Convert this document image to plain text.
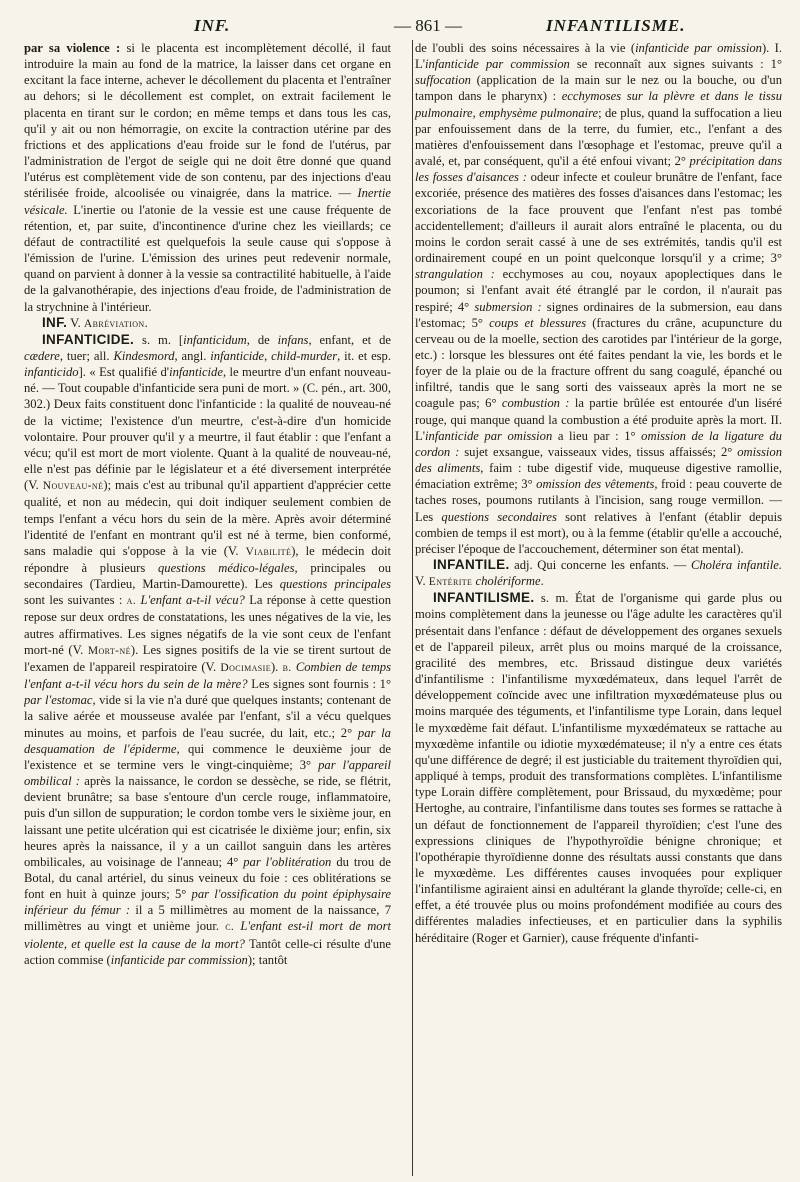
INF.	— 861 —	INFANTILISME.

par sa violence : si le placenta est incomplètement décollé, il faut introduire la main au fond de la matrice, la laisser dans cet organe en excitant la face interne, achever le décollement du placenta et l'entraîner au dehors; si le décollement est complet, on extrait facilement le placenta en tirant sur le cordon; en même temps et dans tous les cas, qu'il y ait ou non hémorragie, on excite la contraction utérine par des frictions et des applications d'eau froide sur le fond de l'utérus, par l'administration de l'ergot de seigle qui ne doit être donné que quand l'utérus est complètement vide de son contenu, par des injections d'eau stérilisée froide, alcoolisée ou vinaigrée, dans la matrice. — Inertie vésicale. L'inertie ou l'atonie de la vessie est une cause fréquente de rétention, et, par suite, d'incontinence d'urine chez les vieillards; ce défaut de contractilité est quelquefois la seule cause qui s'oppose à l'émission de l'urine. L'émission des urines peut redevenir normale, quand on parvient à donner à la vessie sa contractilité habituelle, à l'aide de la galvanothérapie, des injections d'eau froide, de l'administration de la strychnine à l'intérieur.

INF. V. Abréviation.

INFANTICIDE. s. m. [infanticidum, de infans, enfant, et de cædere, tuer; all. Kindesmord, angl. infanticide, child-murder, it. et esp. infanticido]. « Est qualifié d'infanticide, le meurtre d'un enfant nouveau-né. — Tout coupable d'infanticide sera puni de mort. » (C. pén., art. 300, 302.) Deux faits constituent donc l'infanticide : la qualité de nouveau-né de la victime; l'existence d'un meurtre, c'est-à-dire d'un homicide volontaire. Pour prouver qu'il y a meurtre, il faut établir : que l'enfant a vécu; qu'il est mort de mort violente. Quant à la qualité de nouveau-né, elle n'est pas définie par le législateur et a été diversement interprétée (V. Nouveau-né); mais c'est au tribunal qu'il appartient d'apprécier cette qualité, et non au médecin, qui doit indiquer seulement combien de temps l'enfant a vécu hors du sein de la mère. Après avoir déterminé l'identité de l'enfant en montrant qu'il est né à terme, bien conformé, sans maladie qui s'oppose à la vie (V. Viabilité), le médecin doit répondre à plusieurs questions médico-légales, principales ou secondaires (Tardieu, Martin-Damourette). Les questions principales sont les suivantes : a. L'enfant a-t-il vécu? La réponse à cette question repose sur deux ordres de constatations, les unes négatives de la vie, les autres affirmatives. Les signes négatifs de la vie sont ceux de l'enfant mort-né (V. Mort-né). Les signes positifs de la vie se tirent surtout de l'examen de l'appareil respiratoire (V. Docimasie). b. Combien de temps l'enfant a-t-il vécu hors du sein de la mère? Les signes sont fournis : 1° par l'estomac, vide si la vie n'a duré que quelques instants; contenant de la salive aérée et mousseuse avalée par l'enfant, s'il a vécu quelques minutes au moins, et parfois de l'eau sucrée, du lait, etc.; 2° par la desquamation de l'épiderme, qui commence le deuxième jour de l'existence et se termine vers le vingt-cinquième; 3° par l'appareil ombilical : après la naissance, le cordon se dessèche, se ride, se flétrit, devient brunâtre; sa base s'entoure d'un cercle rouge, inflammatoire, puis d'un sillon de suppuration; le cordon tombe vers le sixième jour, en laissant une petite ulcération qui est cicatrisée le dixième jour; enfin, six heures après la naissance, il y a un caillot sanguin dans les artères ombilicales, au voisinage de l'anneau; 4° par l'oblitération du trou de Botal, du canal artériel, du sinus veineux du foie : ces oblitérations se font en huit à quinze jours; 5° par l'ossification du point épiphysaire inférieur du fémur : il a 5 millimètres au moment de la naissance, 7 millimètres au vingt et unième jour. c. L'enfant est-il mort de mort violente, et quelle est la cause de la mort? Tantôt celle-ci résulte d'une action commise (infanticide par commission); tantôt

de l'oubli des soins nécessaires à la vie (infanticide par omission). I. L'infanticide par commission se reconnaît aux signes suivants : 1° suffocation (application de la main sur le nez ou la bouche, ou d'un tampon dans le pharynx) : ecchymoses sur la plèvre et dans le tissu pulmonaire, emphysème pulmonaire; de plus, quand la suffocation a lieu par enfouissement dans de la terre, du fumier, etc., l'enfant a des matières d'enfouissement dans l'œsophage et l'estomac, preuve qu'il a avalé, et, par conséquent, qu'il a été enfoui vivant; 2° précipitation dans les fosses d'aisances : odeur infecte et couleur brunâtre de l'enfant, face excoriée, présence des matières des fosses d'aisances dans l'estomac; les excoriations de la face prouvent que l'enfant n'est pas tombé accidentellement; d'ailleurs il aurait alors entraîné le placenta, ou du moins le cordon serait cassé à une de ses extrémités, tandis qu'il est ordinairement coupé en un point quelconque lorsqu'il y a crime; 3° strangulation : ecchymoses au cou, noyaux apoplectiques dans le poumon; si l'enfant avait été étranglé par le cordon, il n'aurait pas respiré; 4° submersion : signes ordinaires de la submersion, eau dans l'estomac; 5° coups et blessures (fractures du crâne, acupuncture du cerveau ou de la moelle, section des carotides par l'intérieur de la gorge, etc.) : lorsque les blessures ont été faites pendant la vie, les bords et le foyer de la plaie ou de la fracture offrent du sang coagulé, épanché ou infiltré, tandis que le sang sorti des vaisseaux après la mort ne se coagule pas; 6° combustion : la partie brûlée est entourée d'un liséré rouge, qui manque quand la combustion a été produite après la mort. II. L'infanticide par omission a lieu par : 1° omission de la ligature du cordon : sujet exsangue, vaisseaux vides, tissus affaissés; 2° omission des aliments, faim : tube digestif vide, muqueuse digestive ramollie, émaciation extrême; 3° omission des vêtements, froid : peau couverte de taches roses, poumons rutilants à l'incision, sang rouge vermillon. — Les questions secondaires sont relatives à l'enfant (établir depuis combien de temps il est mort), ou à la femme (établir qu'elle a accouché, préciser l'époque de l'accouchement, déterminer son état mental).

INFANTILE. adj. Qui concerne les enfants. — Choléra infantile. V. Entérite cholériforme.

INFANTILISME. s. m. État de l'organisme qui garde plus ou moins complètement dans la jeunesse ou l'âge adulte les caractères qu'il présentait dans l'enfance : défaut de développement des organes sexuels et de l'appareil pileux, arrêt plus ou moins marqué de la croissance, gracilité des membres, etc. Brissaud distingue deux variétés d'infantilisme : l'infantilisme myxœdémateux, dans lequel l'arrêt de développement coïncide avec une infiltration myxœdémateuse plus ou moins marquée des téguments, et l'infantilisme type Lorain, dans lequel le myxœdème fait défaut. L'infantilisme myxœdémateux se rattache au myxœdème infantile ou idiotie myxœdémateuse; il n'y a entre ces états qu'une différence de degré; il est justiciable du traitement thyroïdien qui, appliqué à temps, produit des transformations complètes. L'infantilisme type Lorain diffère complètement, pour Brissaud, du myxœdème; pour Hertoghe, au contraire, l'infantilisme dans toutes ses formes se rattache à un défaut de fonctionnement de l'appareil thyroïdien; c'est l'une des expressions cliniques de l'hypothyroïdie bénigne chronique; et l'opothérapie thyroïdienne donne des résultats aussi constants que dans le myxœdème. Les différentes causes invoquées pour expliquer l'infantilisme agiraient ainsi en adultérant la glande thyroïde; celle-ci, en effet, a été trouvée plus ou moins profondément modifiée au cours des différentes maladies infectieuses, et en particulier dans la syphilis héréditaire (Roger et Garnier), cause fréquente d'infanti-
